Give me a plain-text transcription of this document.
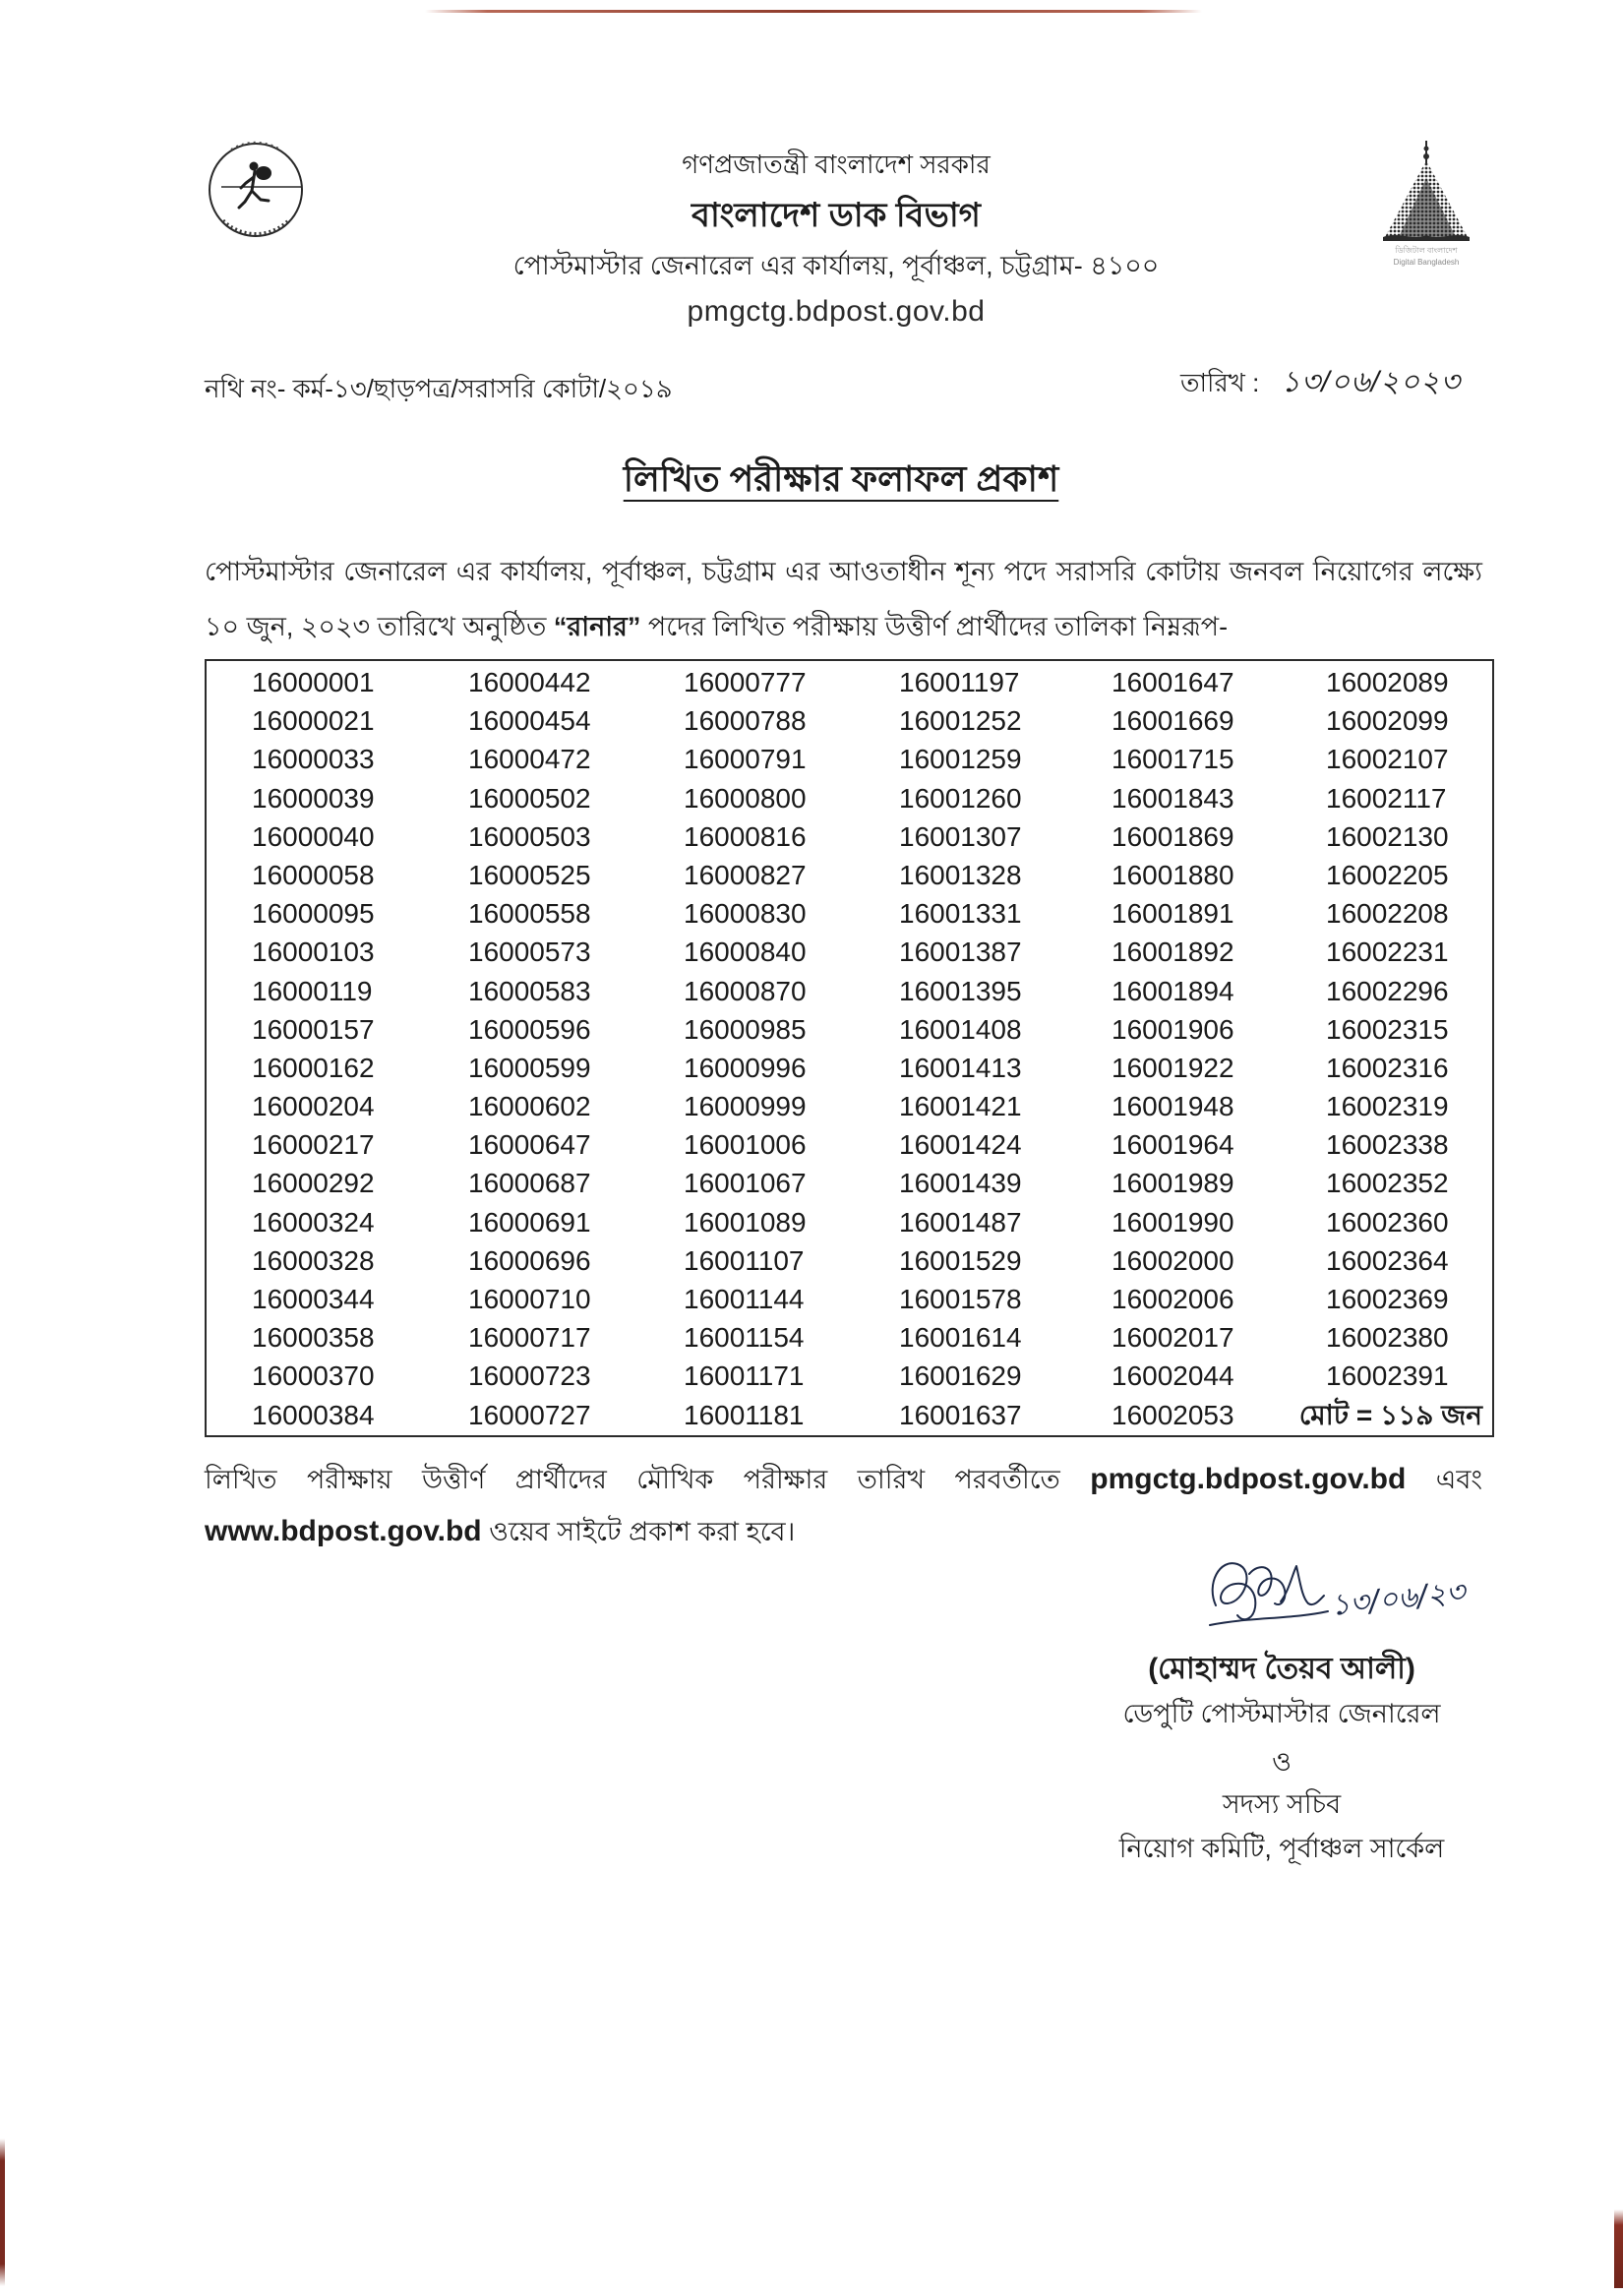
ডিজিটাল বাংলাদেশ
Digital Bangladesh
গণপ্রজাতন্ত্রী বাংলাদেশ সরকার
বাংলাদেশ ডাক বিভাগ
পোস্টমাস্টার জেনারেল এর কার্যালয়, পূর্বাঞ্চল, চট্টগ্রাম- ৪১০০
pmgctg.bdpost.gov.bd
নথি নং- কর্ম-১৩/ছাড়পত্র/সরাসরি কোটা/২০১৯	তারিখ : ১৩/০৬/২০২৩
লিখিত পরীক্ষার ফলাফল প্রকাশ
পোস্টমাস্টার জেনারেল এর কার্যালয়, পূর্বাঞ্চল, চট্টগ্রাম এর আওতাধীন শূন্য পদে সরাসরি কোটায় জনবল নিয়োগের লক্ষ্যে
১০ জুন, ২০২৩ তারিখে অনুষ্ঠিত “রানার” পদের লিখিত পরীক্ষায় উত্তীর্ণ প্রার্থীদের তালিকা নিম্নরূপ-
16000001	16000442	16000777	16001197	16001647	16002089
16000021	16000454	16000788	16001252	16001669	16002099
16000033	16000472	16000791	16001259	16001715	16002107
16000039	16000502	16000800	16001260	16001843	16002117
16000040	16000503	16000816	16001307	16001869	16002130
16000058	16000525	16000827	16001328	16001880	16002205
16000095	16000558	16000830	16001331	16001891	16002208
16000103	16000573	16000840	16001387	16001892	16002231
16000119	16000583	16000870	16001395	16001894	16002296
16000157	16000596	16000985	16001408	16001906	16002315
16000162	16000599	16000996	16001413	16001922	16002316
16000204	16000602	16000999	16001421	16001948	16002319
16000217	16000647	16001006	16001424	16001964	16002338
16000292	16000687	16001067	16001439	16001989	16002352
16000324	16000691	16001089	16001487	16001990	16002360
16000328	16000696	16001107	16001529	16002000	16002364
16000344	16000710	16001144	16001578	16002006	16002369
16000358	16000717	16001154	16001614	16002017	16002380
16000370	16000723	16001171	16001629	16002044	16002391
16000384	16000727	16001181	16001637	16002053	মোট = ১১৯ জন
লিখিত পরীক্ষায় উত্তীর্ণ প্রার্থীদের মৌখিক পরীক্ষার তারিখ পরবর্তীতে pmgctg.bdpost.gov.bd এবং
www.bdpost.gov.bd ওয়েব সাইটে প্রকাশ করা হবে।
১৩/০৬/২৩
(মোহাম্মদ তৈয়ব আলী)
ডেপুটি পোস্টমাস্টার জেনারেল
ও
সদস্য সচিব
নিয়োগ কমিটি, পূর্বাঞ্চল সার্কেল
